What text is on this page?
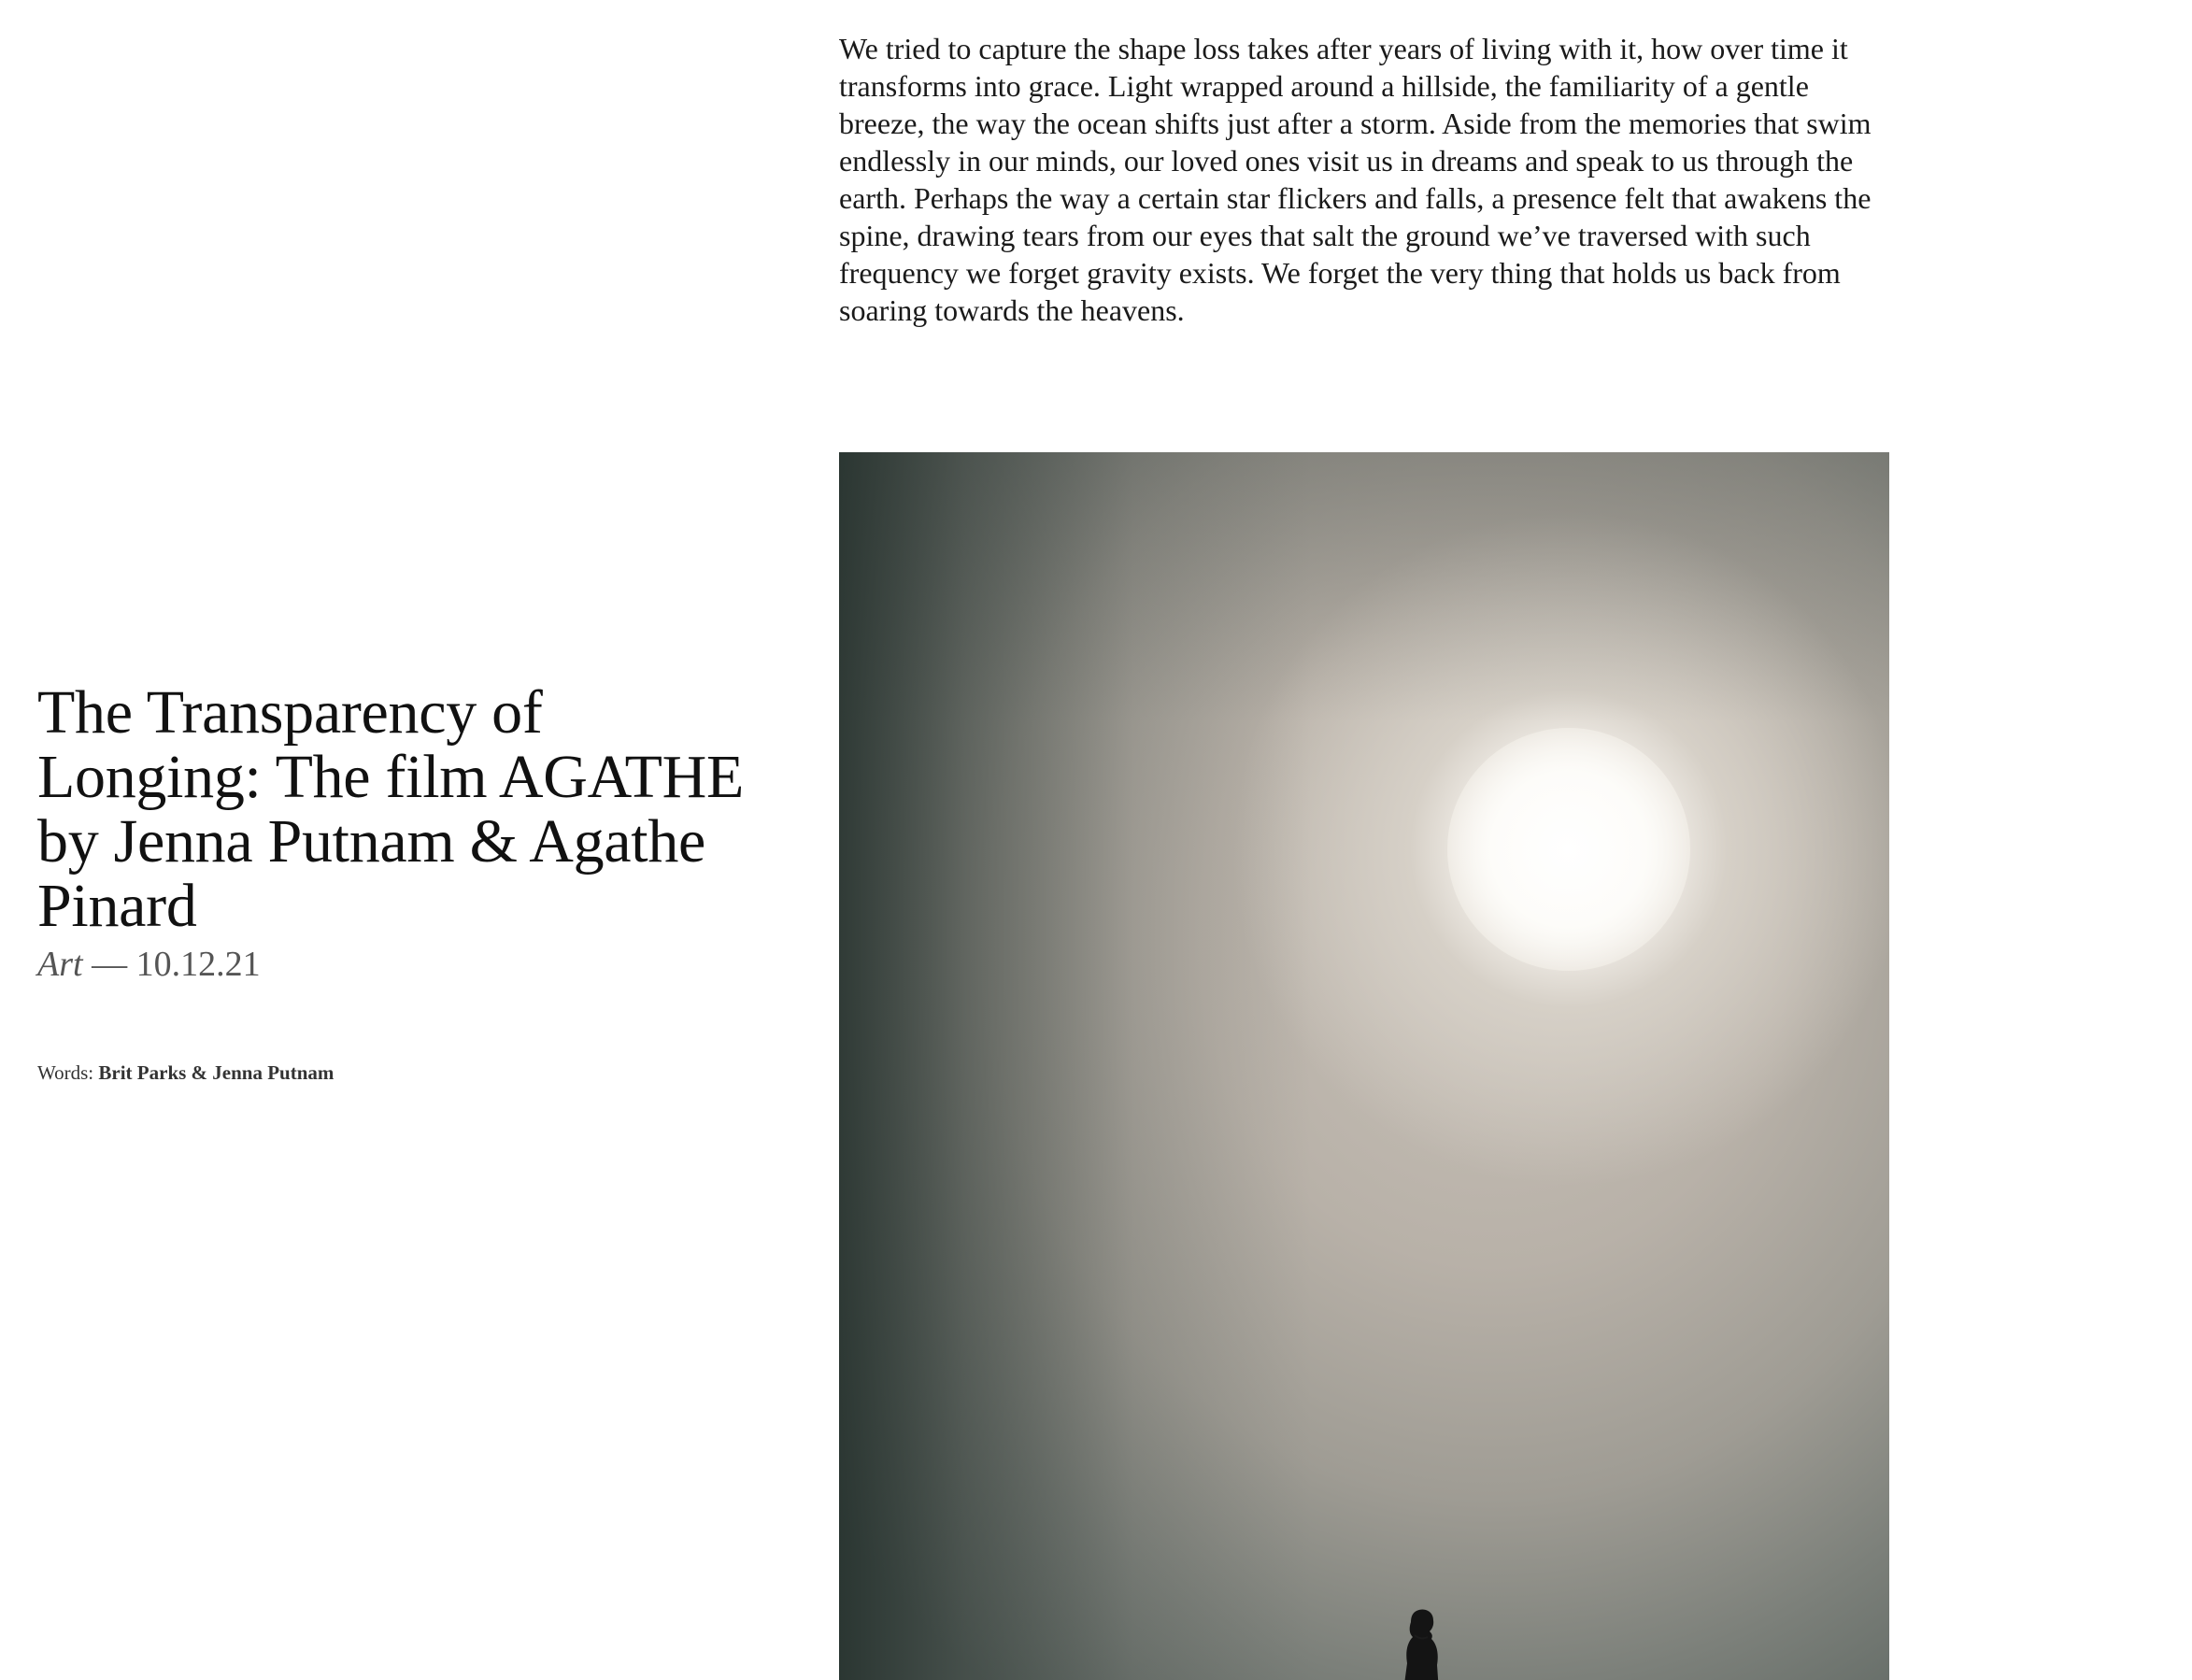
The Transparency of Longing: The film AGATHE by Jenna Putnam & Agathe Pinard

Art — 10.12.21

Words: Brit Parks & Jenna Putnam

We tried to capture the shape loss takes after years of living with it, how over time it transforms into grace. Light wrapped around a hillside, the familiarity of a gentle breeze, the way the ocean shifts just after a storm. Aside from the memories that swim endlessly in our minds, our loved ones visit us in dreams and speak to us through the earth. Perhaps the way a certain star flickers and falls, a presence felt that awakens the spine, drawing tears from our eyes that salt the ground we’ve traversed with such frequency we forget gravity exists. We forget the very thing that holds us back from soaring towards the heavens.
